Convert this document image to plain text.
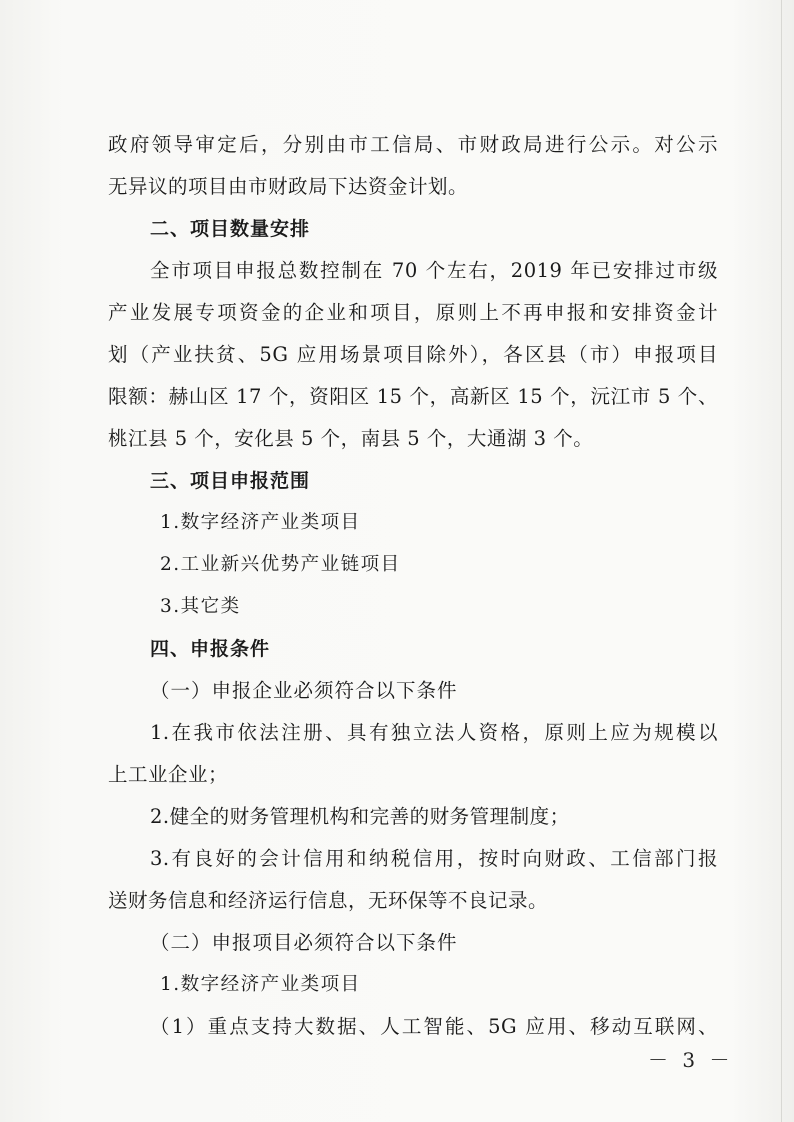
政府领导审定后，分别由市工信局、市财政局进行公示。对公示
无异议的项目由市财政局下达资金计划。
二、项目数量安排
全市项目申报总数控制在 70 个左右，2019 年已安排过市级
产业发展专项资金的企业和项目，原则上不再申报和安排资金计
划（产业扶贫、5G 应用场景项目除外），各区县（市）申报项目
限额：赫山区 17 个，资阳区 15 个，高新区 15 个，沅江市 5 个、
桃江县 5 个，安化县 5 个，南县 5 个，大通湖 3 个。
三、项目申报范围
1.数字经济产业类项目
2.工业新兴优势产业链项目
3.其它类
四、申报条件
（一）申报企业必须符合以下条件
1.在我市依法注册、具有独立法人资格，原则上应为规模以
上工业企业；
2.健全的财务管理机构和完善的财务管理制度；
3.有良好的会计信用和纳税信用，按时向财政、工信部门报
送财务信息和经济运行信息，无环保等不良记录。
（二）申报项目必须符合以下条件
1.数字经济产业类项目
（1）重点支持大数据、人工智能、5G 应用、移动互联网、
－ 3 －
